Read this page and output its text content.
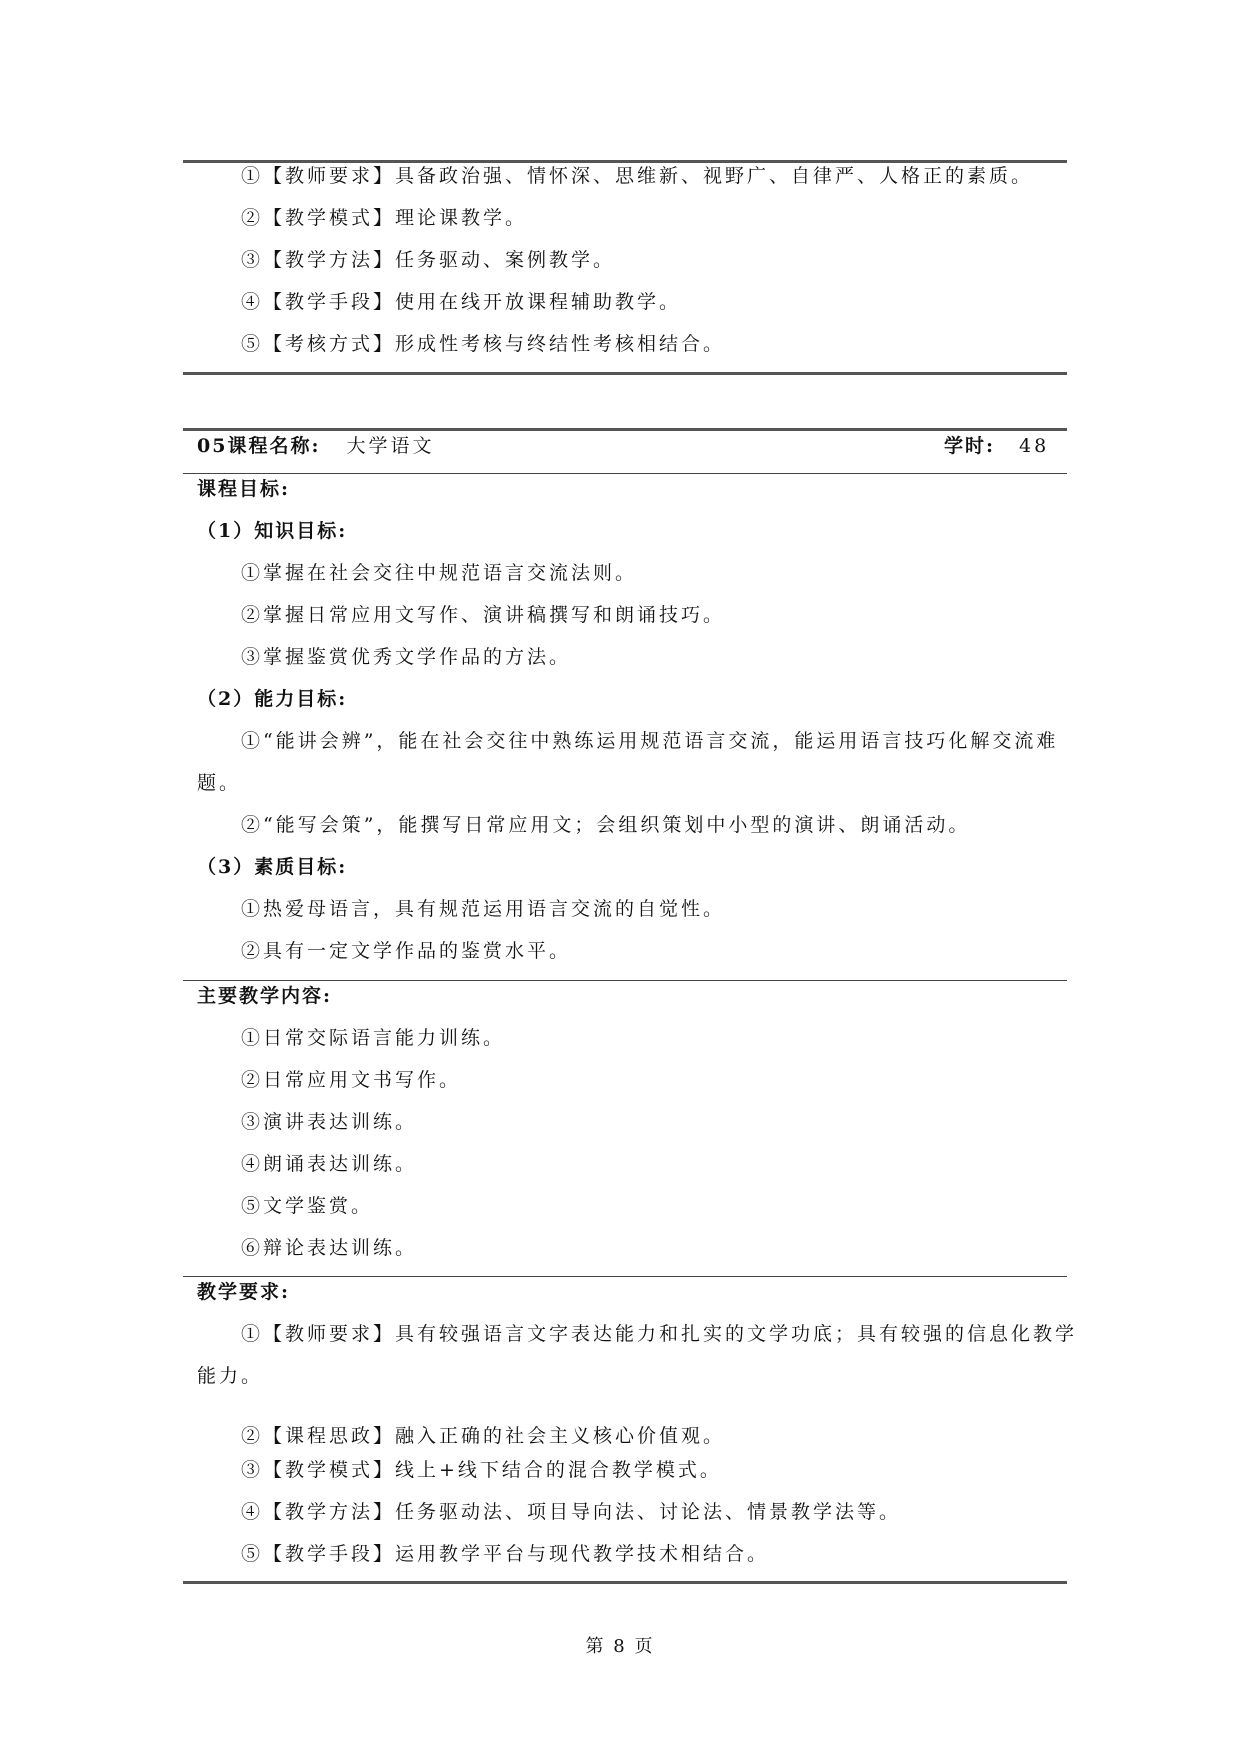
①【教师要求】具备政治强、情怀深、思维新、视野广、自律严、人格正的素质。
②【教学模式】理论课教学。
③【教学方法】任务驱动、案例教学。
④【教学手段】使用在线开放课程辅助教学。
⑤【考核方式】形成性考核与终结性考核相结合。
05课程名称: 大学语文	学时: 48
课程目标:
（1）知识目标:
①掌握在社会交往中规范语言交流法则。
②掌握日常应用文写作、演讲稿撰写和朗诵技巧。
③掌握鉴赏优秀文学作品的方法。
（2）能力目标:
①“能讲会辨”，能在社会交往中熟练运用规范语言交流，能运用语言技巧化解交流难
题。
②“能写会策”，能撰写日常应用文；会组织策划中小型的演讲、朗诵活动。
（3）素质目标:
①热爱母语言，具有规范运用语言交流的自觉性。
②具有一定文学作品的鉴赏水平。
主要教学内容:
①日常交际语言能力训练。
②日常应用文书写作。
③演讲表达训练。
④朗诵表达训练。
⑤文学鉴赏。
⑥辩论表达训练。
教学要求:
①【教师要求】具有较强语言文字表达能力和扎实的文学功底；具有较强的信息化教学
能力。
②【课程思政】融入正确的社会主义核心价值观。
③【教学模式】线上+线下结合的混合教学模式。
④【教学方法】任务驱动法、项目导向法、讨论法、情景教学法等。
⑤【教学手段】运用教学平台与现代教学技术相结合。
第 8 页
